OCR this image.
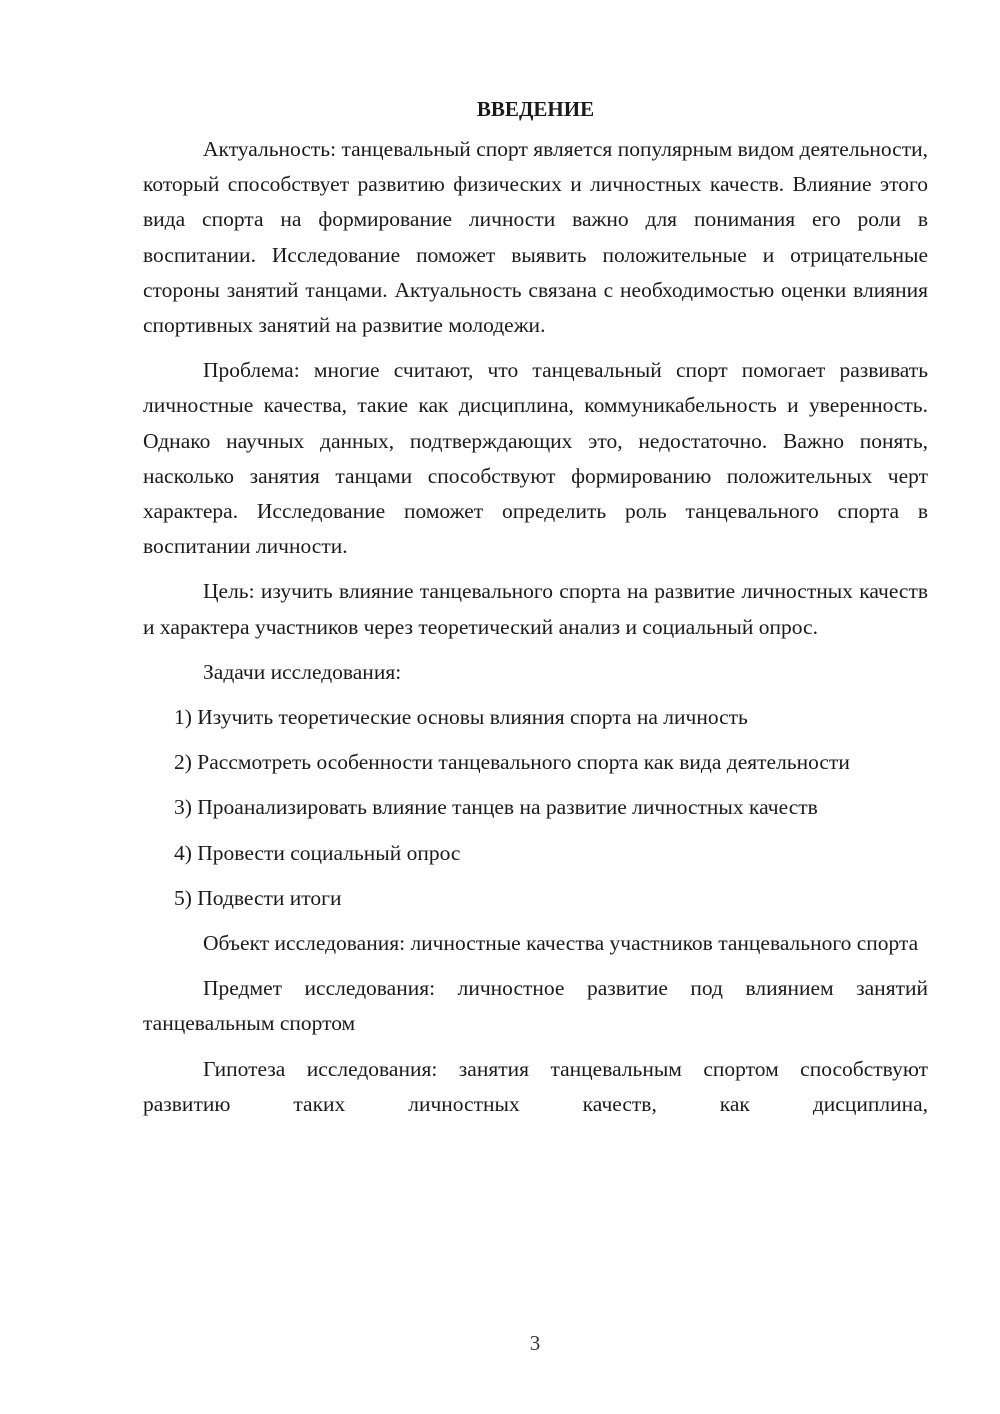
ВВЕДЕНИЕ

Актуальность: танцевальный спорт является популярным видом деятельности, который способствует развитию физических и личностных качеств. Влияние этого вида спорта на формирование личности важно для понимания его роли в воспитании. Исследование поможет выявить положительные и отрицательные стороны занятий танцами. Актуальность связана с необходимостью оценки влияния спортивных занятий на развитие молодежи.

Проблема: многие считают, что танцевальный спорт помогает развивать личностные качества, такие как дисциплина, коммуникабельность и уверенность. Однако научных данных, подтверждающих это, недостаточно. Важно понять, насколько занятия танцами способствуют формированию положительных черт характера. Исследование поможет определить роль танцевального спорта в воспитании личности.

Цель: изучить влияние танцевального спорта на развитие личностных качеств и характера участников через теоретический анализ и социальный опрос.

Задачи исследования:

1) Изучить теоретические основы влияния спорта на личность

2) Рассмотреть особенности танцевального спорта как вида деятельности

3) Проанализировать влияние танцев на развитие личностных качеств

4) Провести социальный опрос

5) Подвести итоги

Объект исследования: личностные качества участников танцевального спорта

Предмет исследования: личностное развитие под влиянием занятий танцевальным спортом

Гипотеза исследования: занятия танцевальным спортом способствуют развитию таких личностных качеств, как дисциплина,

3
